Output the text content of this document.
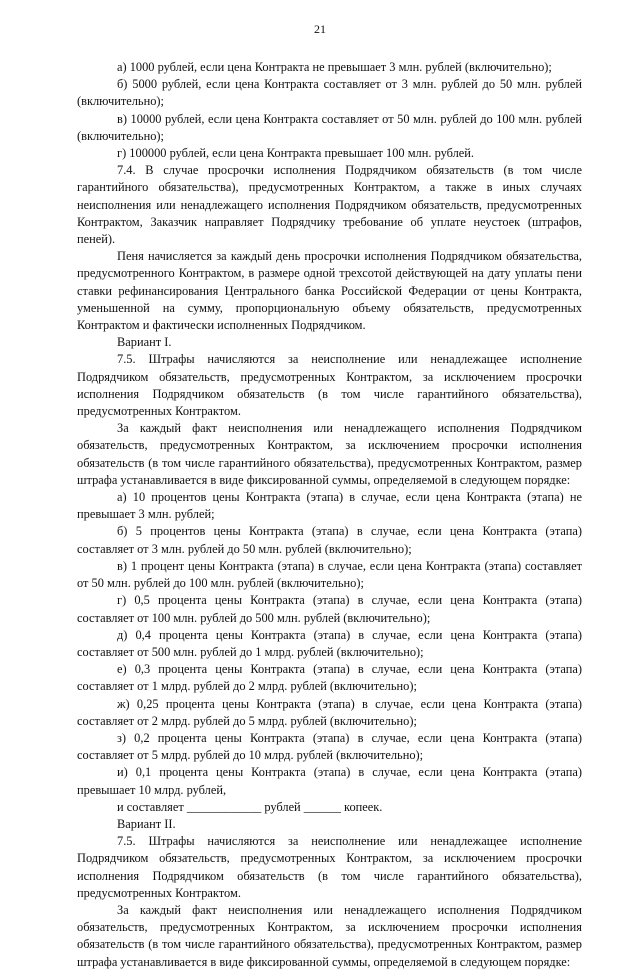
21

а) 1000 рублей, если цена Контракта не превышает 3 млн. рублей (включительно);

б) 5000 рублей, если цена Контракта составляет от 3 млн. рублей до 50 млн. рублей (включительно);

в) 10000 рублей, если цена Контракта составляет от 50 млн. рублей до 100 млн. рублей (включительно);

г) 100000 рублей, если цена Контракта превышает 100 млн. рублей.

7.4. В случае просрочки исполнения Подрядчиком обязательств (в том числе гарантийного обязательства), предусмотренных Контрактом, а также в иных случаях неисполнения или ненадлежащего исполнения Подрядчиком обязательств, предусмотренных Контрактом, Заказчик направляет Подрядчику требование об уплате неустоек (штрафов, пеней).

Пеня начисляется за каждый день просрочки исполнения Подрядчиком обязательства, предусмотренного Контрактом, в размере одной трехсотой действующей на дату уплаты пени ставки рефинансирования Центрального банка Российской Федерации от цены Контракта, уменьшенной на сумму, пропорциональную объему обязательств, предусмотренных Контрактом и фактически исполненных Подрядчиком.

Вариант I.

7.5. Штрафы начисляются за неисполнение или ненадлежащее исполнение Подрядчиком обязательств, предусмотренных Контрактом, за исключением просрочки исполнения Подрядчиком обязательств (в том числе гарантийного обязательства), предусмотренных Контрактом.

За каждый факт неисполнения или ненадлежащего исполнения Подрядчиком обязательств, предусмотренных Контрактом, за исключением просрочки исполнения обязательств (в том числе гарантийного обязательства), предусмотренных Контрактом, размер штрафа устанавливается в виде фиксированной суммы, определяемой в следующем порядке:

а) 10 процентов цены Контракта (этапа) в случае, если цена Контракта (этапа) не превышает 3 млн. рублей;

б) 5 процентов цены Контракта (этапа) в случае, если цена Контракта (этапа) составляет от 3 млн. рублей до 50 млн. рублей (включительно);

в) 1 процент цены Контракта (этапа) в случае, если цена Контракта (этапа) составляет от 50 млн. рублей до 100 млн. рублей (включительно);

г) 0,5 процента цены Контракта (этапа) в случае, если цена Контракта (этапа) составляет от 100 млн. рублей до 500 млн. рублей (включительно);

д) 0,4 процента цены Контракта (этапа) в случае, если цена Контракта (этапа) составляет от 500 млн. рублей до 1 млрд. рублей (включительно);

е) 0,3 процента цены Контракта (этапа) в случае, если цена Контракта (этапа) составляет от 1 млрд. рублей до 2 млрд. рублей (включительно);

ж) 0,25 процента цены Контракта (этапа) в случае, если цена Контракта (этапа) составляет от 2 млрд. рублей до 5 млрд. рублей (включительно);

з) 0,2 процента цены Контракта (этапа) в случае, если цена Контракта (этапа) составляет от 5 млрд. рублей до 10 млрд. рублей (включительно);

и) 0,1 процента цены Контракта (этапа) в случае, если цена Контракта (этапа) превышает 10 млрд. рублей,

и составляет ____________ рублей ______ копеек.

Вариант II.

7.5. Штрафы начисляются за неисполнение или ненадлежащее исполнение Подрядчиком обязательств, предусмотренных Контрактом, за исключением просрочки исполнения Подрядчиком обязательств (в том числе гарантийного обязательства), предусмотренных Контрактом.

За каждый факт неисполнения или ненадлежащего исполнения Подрядчиком обязательств, предусмотренных Контрактом, за исключением просрочки исполнения обязательств (в том числе гарантийного обязательства), предусмотренных Контрактом, размер штрафа устанавливается в виде фиксированной суммы, определяемой в следующем порядке:
